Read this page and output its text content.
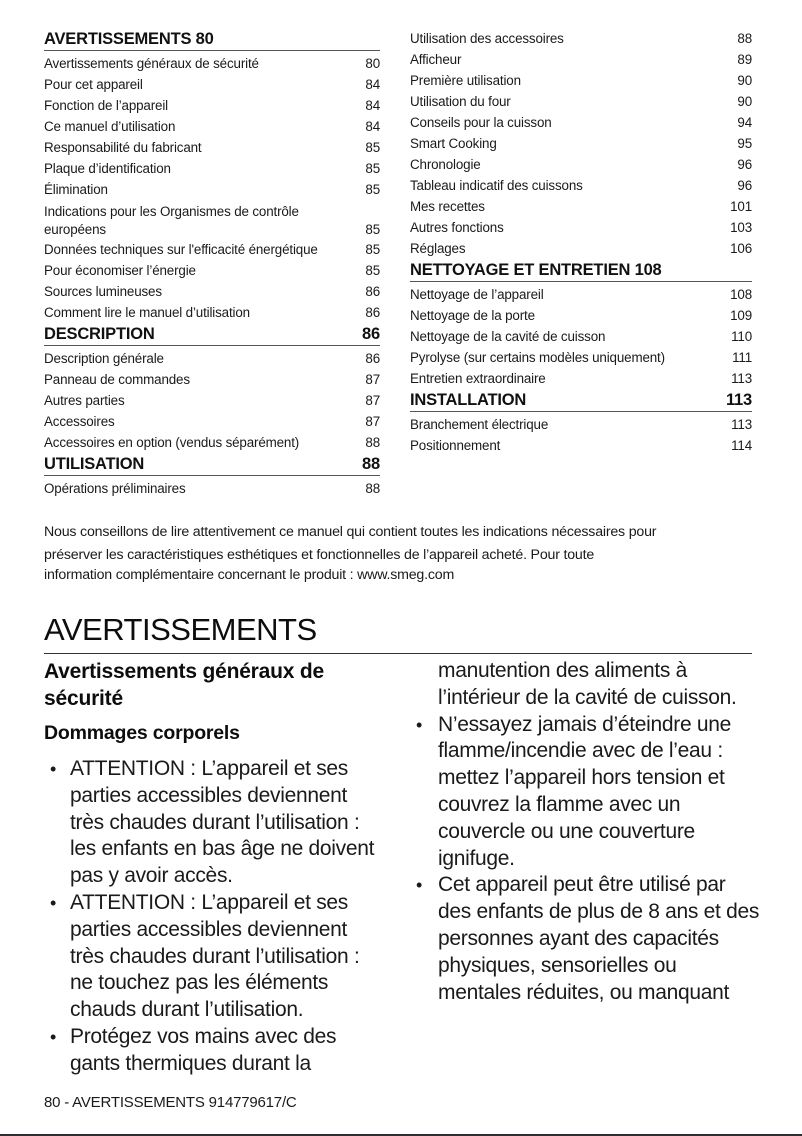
AVERTISSEMENTS 80
Avertissements généraux de sécurité	80
Pour cet appareil	84
Fonction de l’appareil	84
Ce manuel d’utilisation	84
Responsabilité du fabricant	85
Plaque d’identification	85
Élimination	85
Indications pour les Organismes de contrôle européens	85
Données techniques sur l'efficacité énergétique	85
Pour économiser l’énergie	85
Sources lumineuses	86
Comment lire le manuel d’utilisation	86
DESCRIPTION	86
Description générale	86
Panneau de commandes	87
Autres parties	87
Accessoires	87
Accessoires en option (vendus séparément)	88
UTILISATION	88
Opérations préliminaires	88
Utilisation des accessoires	88
Afficheur	89
Première utilisation	90
Utilisation du four	90
Conseils pour la cuisson	94
Smart Cooking	95
Chronologie	96
Tableau indicatif des cuissons	96
Mes recettes	101
Autres fonctions	103
Réglages	106
NETTOYAGE ET ENTRETIEN 108
Nettoyage de l’appareil	108
Nettoyage de la porte	109
Nettoyage de la cavité de cuisson	110
Pyrolyse (sur certains modèles uniquement)	111
Entretien extraordinaire	113
INSTALLATION	113
Branchement électrique	113
Positionnement	114

Nous conseillons de lire attentivement ce manuel qui contient toutes les indications nécessaires pour

préserver les caractéristiques esthétiques et fonctionnelles de l’appareil acheté. Pour toute

information complémentaire concernant le produit : www.smeg.com

AVERTISSEMENTS
Avertissements généraux de sécurité
Dommages corporels
• ATTENTION : L’appareil et ses parties accessibles deviennent très chaudes durant l’utilisation : les enfants en bas âge ne doivent pas y avoir accès.
• ATTENTION : L’appareil et ses parties accessibles deviennent très chaudes durant l’utilisation : ne touchez pas les éléments chauds durant l’utilisation.
• Protégez vos mains avec des gants thermiques durant la

manutention des aliments à l’intérieur de la cavité de cuisson.

• N’essayez jamais d’éteindre une flamme/incendie avec de l’eau : mettez l’appareil hors tension et couvrez la flamme avec un couvercle ou une couverture ignifuge.
• Cet appareil peut être utilisé par des enfants de plus de 8 ans et des personnes ayant des capacités physiques, sensorielles ou mentales réduites, ou manquant
80 - AVERTISSEMENTS 914779617/C
